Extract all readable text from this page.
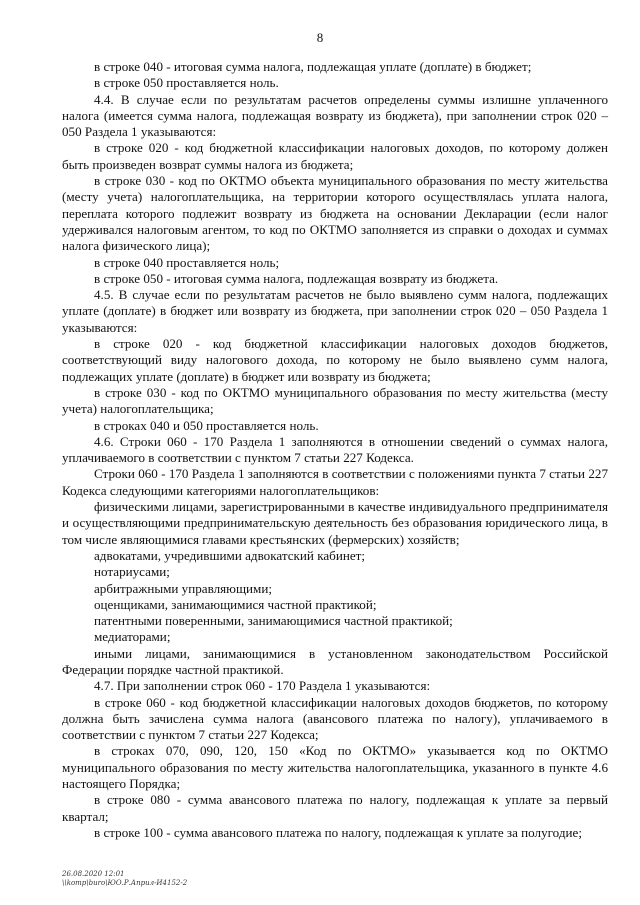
8

в строке 040 - итоговая сумма налога, подлежащая уплате (доплате) в бюджет;

в строке 050 проставляется ноль.

4.4. В случае если по результатам расчетов определены суммы излишне уплаченного налога (имеется сумма налога, подлежащая возврату из бюджета), при заполнении строк 020 – 050 Раздела 1 указываются:

в строке 020 - код бюджетной классификации налоговых доходов, по которому должен быть произведен возврат суммы налога из бюджета;

в строке 030 - код по ОКТМО объекта муниципального образования по месту жительства (месту учета) налогоплательщика, на территории которого осуществлялась уплата налога, переплата которого подлежит возврату из бюджета на основании Декларации (если налог удерживался налоговым агентом, то код по ОКТМО заполняется из справки о доходах и суммах налога физического лица);

в строке 040 проставляется ноль;

в строке 050 - итоговая сумма налога, подлежащая возврату из бюджета.

4.5. В случае если по результатам расчетов не было выявлено сумм налога, подлежащих уплате (доплате) в бюджет или возврату из бюджета, при заполнении строк 020 – 050 Раздела 1 указываются:

в строке 020 - код бюджетной классификации налоговых доходов бюджетов, соответствующий виду налогового дохода, по которому не было выявлено сумм налога, подлежащих уплате (доплате) в бюджет или возврату из бюджета;

в строке 030 - код по ОКТМО муниципального образования по месту жительства (месту учета) налогоплательщика;

в строках 040 и 050 проставляется ноль.

4.6. Строки 060 - 170 Раздела 1 заполняются в отношении сведений о суммах налога, уплачиваемого в соответствии с пунктом 7 статьи 227 Кодекса.

Строки 060 - 170 Раздела 1 заполняются в соответствии с положениями пункта 7 статьи 227 Кодекса следующими категориями налогоплательщиков:

физическими лицами, зарегистрированными в качестве индивидуального предпринимателя и осуществляющими предпринимательскую деятельность без образования юридического лица, в том числе являющимися главами крестьянских (фермерских) хозяйств;

адвокатами, учредившими адвокатский кабинет;

нотариусами;

арбитражными управляющими;

оценщиками, занимающимися частной практикой;

патентными поверенными, занимающимися частной практикой;

медиаторами;

иными лицами, занимающимися в установленном законодательством Российской Федерации порядке частной практикой.

4.7. При заполнении строк 060 - 170 Раздела 1 указываются:

в строке 060 - код бюджетной классификации налоговых доходов бюджетов, по которому должна быть зачислена сумма налога (авансового платежа по налогу), уплачиваемого в соответствии с пунктом 7 статьи 227 Кодекса;

в строках 070, 090, 120, 150 «Код по ОКТМО» указывается код по ОКТМО муниципального образования по месту жительства налогоплательщика, указанного в пункте 4.6 настоящего Порядка;

в строке 080 - сумма авансового платежа по налогу, подлежащая к уплате за первый квартал;

в строке 100 - сумма авансового платежа по налогу, подлежащая к уплате за полугодие;

26.08.2020 12:01
\\komp\buro\ЮО.Р.Април-И4152-2
